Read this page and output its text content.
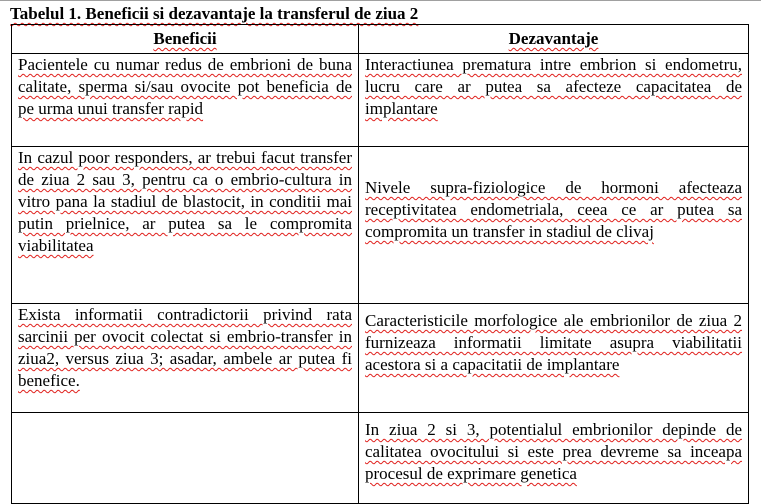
Tabelul 1. Beneficii si dezavantaje la transferul de ziua 2
Beneficii	Dezavantaje
Pacientele cu numar redus de embrioni de buna calitate, sperma si/sau ovocite pot beneficia de pe urma unui transfer rapid	Interactiunea prematura intre embrion si endometru, lucru care ar putea sa afecteze capacitatea de implantare
In cazul poor responders, ar trebui facut transfer de ziua 2 sau 3, pentru ca o embrio-cultura in vitro pana la stadiul de blastocit, in conditii mai putin prielnice, ar putea sa le compromita viabilitatea	Nivele supra-fiziologice de hormoni afecteaza receptivitatea endometriala, ceea ce ar putea sa compromita un transfer in stadiul de clivaj
Exista informatii contradictorii privind rata sarcinii per ovocit colectat si embrio-transfer in ziua2, versus ziua 3; asadar, ambele ar putea fi benefice.	Caracteristicile morfologice ale embrionilor de ziua 2 furnizeaza informatii limitate asupra viabilitatii acestora si a capacitatii de implantare
	In ziua 2 si 3, potentialul embrionilor depinde de calitatea ovocitului si este prea devreme sa inceapa procesul de exprimare genetica
